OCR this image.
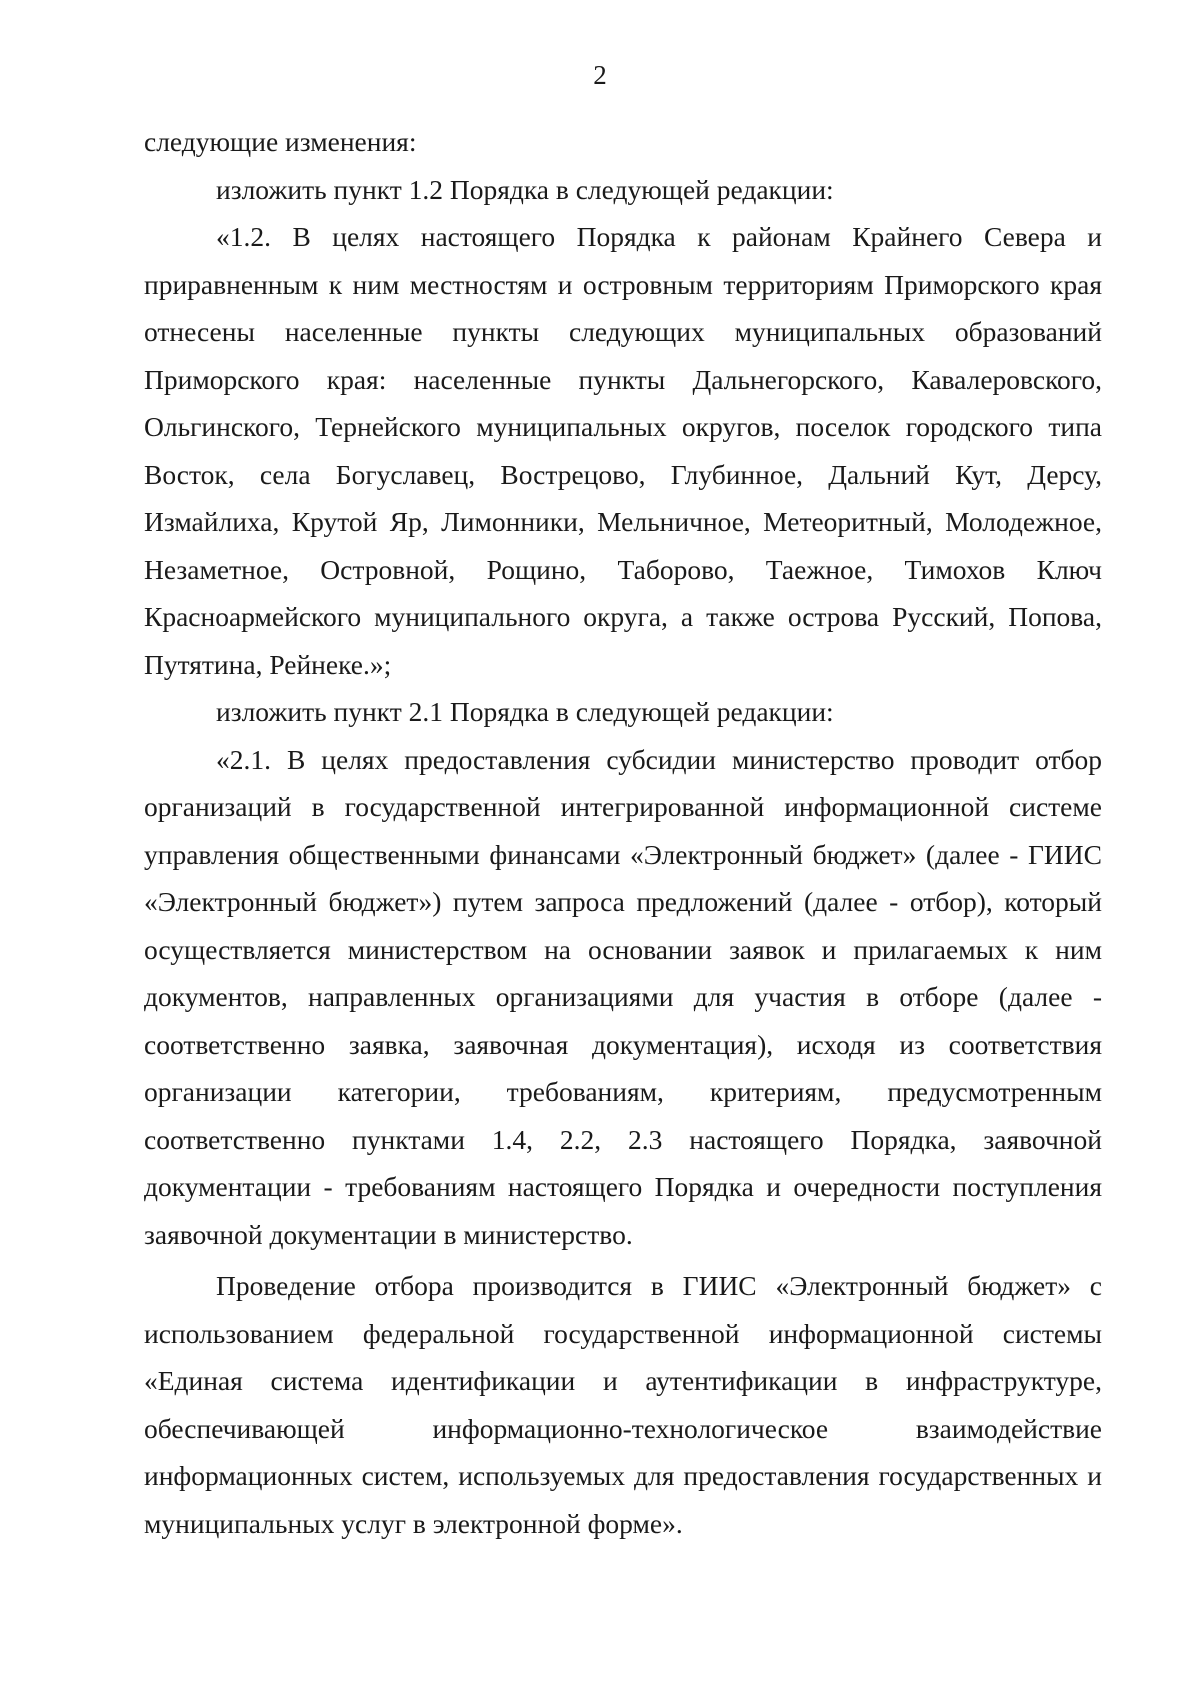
2

следующие изменения:

изложить пункт 1.2 Порядка в следующей редакции:

«1.2. В целях настоящего Порядка к районам Крайнего Севера и приравненным к ним местностям и островным территориям Приморского края отнесены населенные пункты следующих муниципальных образований Приморского края: населенные пункты Дальнегорского, Кавалеровского, Ольгинского, Тернейского муниципальных округов, поселок городского типа Восток, села Богуславец, Вострецово, Глубинное, Дальний Кут, Дерсу, Измайлиха, Крутой Яр, Лимонники, Мельничное, Метеоритный, Молодежное, Незаметное, Островной, Рощино, Таборово, Таежное, Тимохов Ключ Красноармейского муниципального округа, а также острова Русский, Попова, Путятина, Рейнеке.»;

изложить пункт 2.1 Порядка в следующей редакции:

«2.1. В целях предоставления субсидии министерство проводит отбор организаций в государственной интегрированной информационной системе управления общественными финансами «Электронный бюджет» (далее - ГИИС «Электронный бюджет») путем запроса предложений (далее - отбор), который осуществляется министерством на основании заявок и прилагаемых к ним документов, направленных организациями для участия в отборе (далее - соответственно заявка, заявочная документация), исходя из соответствия организации категории, требованиям, критериям, предусмотренным соответственно пунктами 1.4, 2.2, 2.3 настоящего Порядка, заявочной документации - требованиям настоящего Порядка и очередности поступления заявочной документации в министерство.

Проведение отбора производится в ГИИС «Электронный бюджет» с использованием федеральной государственной информационной системы «Единая система идентификации и аутентификации в инфраструктуре, обеспечивающей информационно-технологическое взаимодействие информационных систем, используемых для предоставления государственных и муниципальных услуг в электронной форме».
